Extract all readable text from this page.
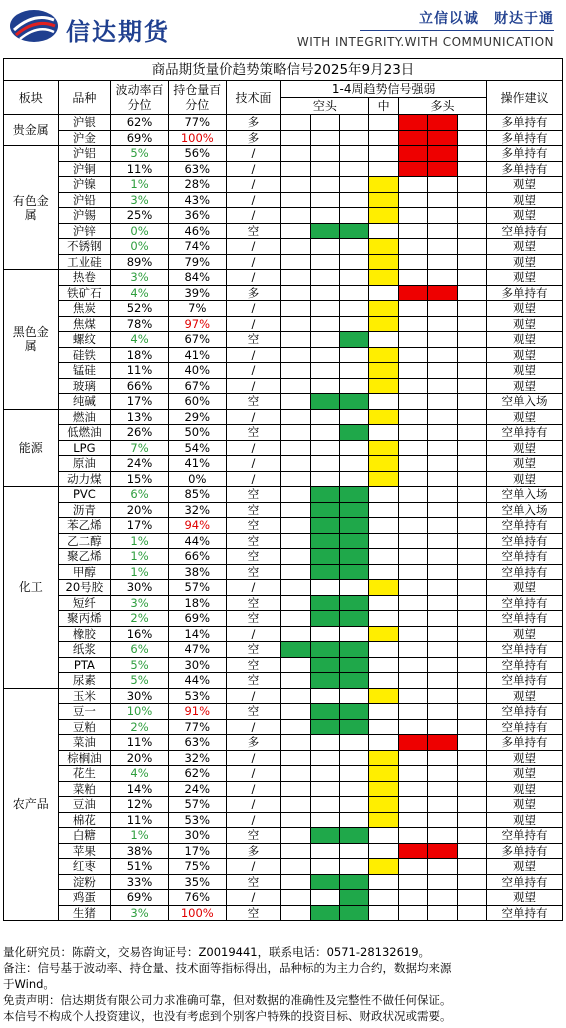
信达期货	立信以诚　财达于通
WITH INTEGRITY.WITH COMMUNICATION
商品期货量价趋势策略信号2025年9月23日												
板块	品种	波动率百分位	持仓量百分位	技术面	1-4周趋势信号强弱							操作建议
					空头			中	多头			
贵金属	沪银	62%	77%	多								多单持有
	沪金	69%	100%	多								多单持有
有色金属	沪铝	5%	56%	/								多单持有
	沪铜	11%	63%	/								多单持有
	沪镍	1%	28%	/								观望
	沪铅	3%	43%	/								观望
	沪锡	25%	36%	/								观望
	沪锌	0%	46%	空								空单持有
	不锈钢	0%	74%	/								观望
	工业硅	89%	79%	/								观望
黑色金属	热卷	3%	84%	/								观望
	铁矿石	4%	39%	多								多单持有
	焦炭	52%	7%	/								观望
	焦煤	78%	97%	/								观望
	螺纹	4%	67%	空								观望
	硅铁	18%	41%	/								观望
	锰硅	11%	40%	/								观望
	玻璃	66%	67%	/								观望
	纯碱	17%	60%	空								空单入场
能源	燃油	13%	29%	/								观望
	低燃油	26%	50%	空								空单持有
	LPG	7%	54%	/								观望
	原油	24%	41%	/								观望
	动力煤	15%	0%	/								观望
化工	PVC	6%	85%	空								空单入场
	沥青	20%	32%	空								空单入场
	苯乙烯	17%	94%	空								空单持有
	乙二醇	1%	44%	空								空单持有
	聚乙烯	1%	66%	空								空单持有
	甲醇	1%	38%	空								空单持有
	20号胶	30%	57%	/								观望
	短纤	3%	18%	空								空单持有
	聚丙烯	2%	69%	空								空单持有
	橡胶	16%	14%	/								观望
	纸浆	6%	47%	空								空单持有
	PTA	5%	30%	空								空单持有
	尿素	5%	44%	空								空单持有
农产品	玉米	30%	53%	/								观望
	豆一	10%	91%	空								空单持有
	豆粕	2%	77%	/								空单持有
	菜油	11%	63%	多								多单持有
	棕榈油	20%	32%	/								观望
	花生	4%	62%	/								观望
	菜粕	14%	24%	/								观望
	豆油	12%	57%	/								观望
	棉花	11%	53%	/								观望
	白糖	1%	30%	空								空单持有
	苹果	38%	17%	多								多单持有
	红枣	51%	75%	/								观望
	淀粉	33%	35%	空								空单持有
	鸡蛋	69%	76%	/								观望
	生猪	3%	100%	空								空单持有
量化研究员：陈蔚文，交易咨询证号：Z0019441，联系电话：0571-28132619。
备注：信号基于波动率、持仓量、技术面等指标得出，品种标的为主力合约，数据均来源
于Wind。
免责声明：信达期货有限公司力求准确可靠，但对数据的准确性及完整性不做任何保证。
本信号不构成个人投资建议，也没有考虑到个别客户特殊的投资目标、财政状况或需要。
